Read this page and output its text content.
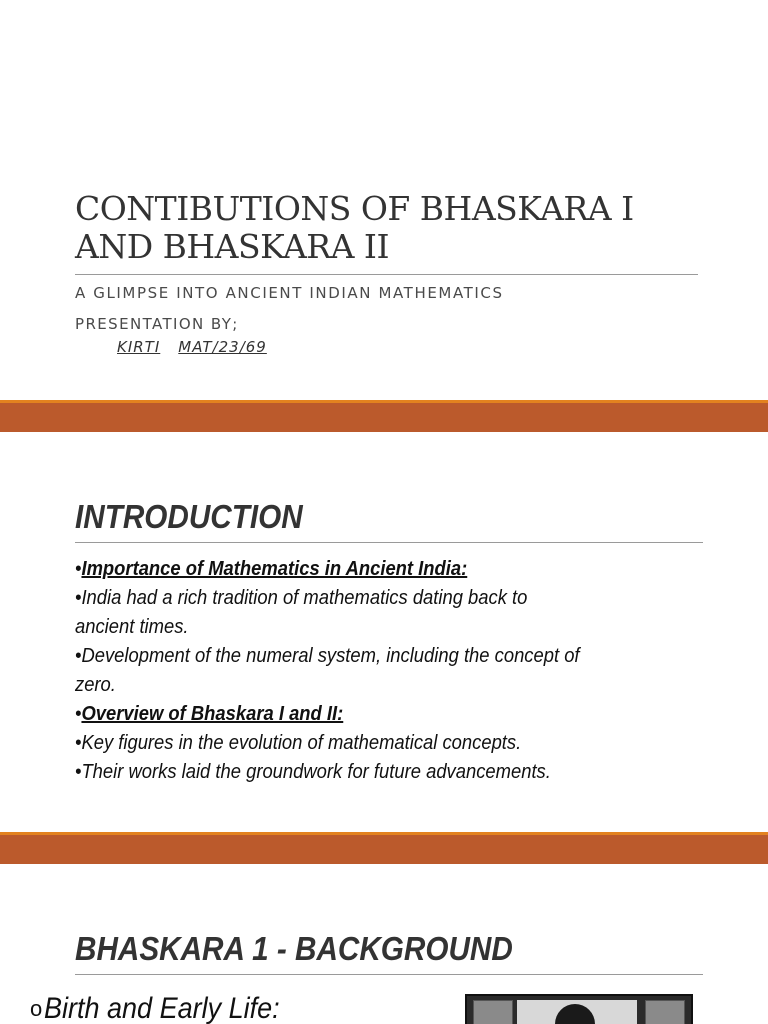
CONTIBUTIONS OF BHASKARA I
AND BHASKARA II
A GLIMPSE INTO ANCIENT INDIAN MATHEMATICS
PRESENTATION BY;
KIRTI MAT/23/69
INTRODUCTION
•Importance of Mathematics in Ancient India:
•India had a rich tradition of mathematics dating back to ancient times.
•Development of the numeral system, including the concept of zero.
•Overview of Bhaskara I and II:
•Key figures in the evolution of mathematical concepts.
•Their works laid the groundwork for future advancements.
BHASKARA 1 - BACKGROUND
oBirth and Early Life:
